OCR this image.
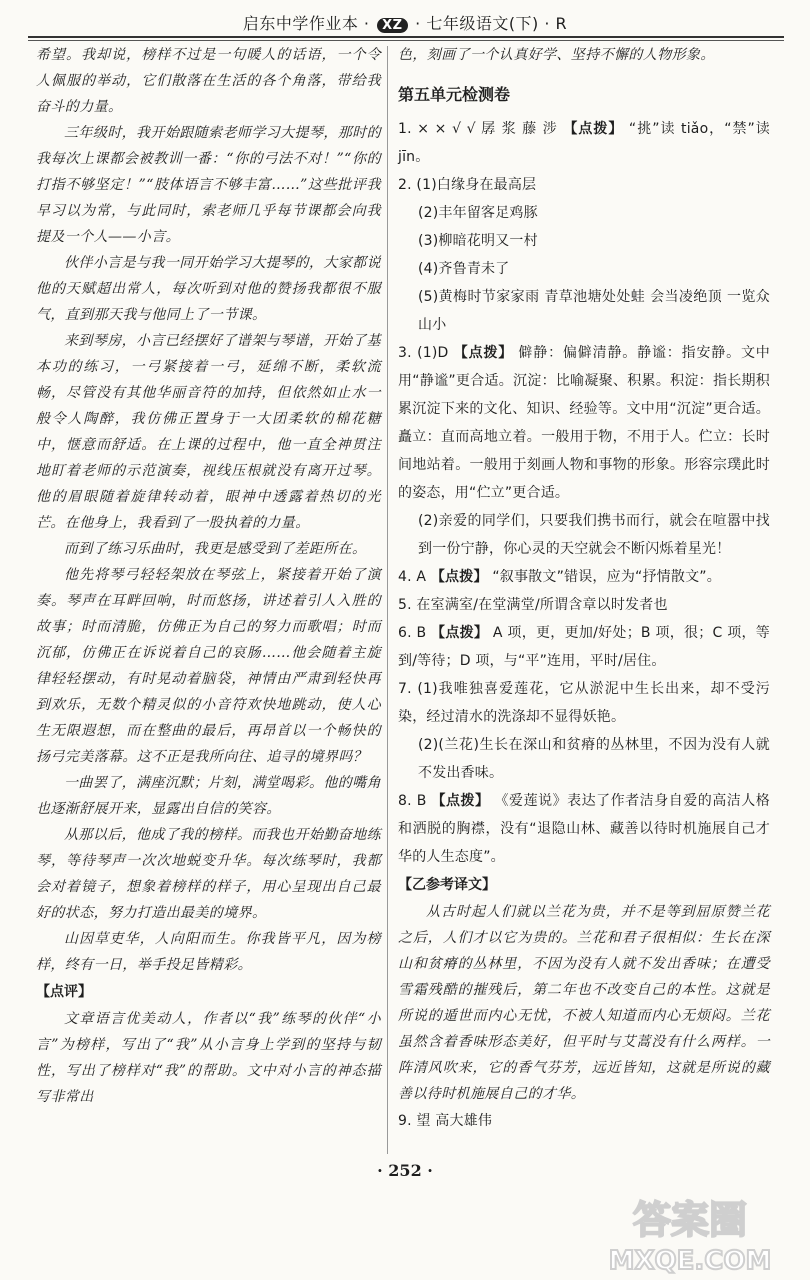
启东中学作业本 · XZ · 七年级语文(下) · R

希望。我却说，榜样不过是一句暖人的话语，一个令人佩服的举动，它们散落在生活的各个角落，带给我奋斗的力量。

三年级时，我开始跟随索老师学习大提琴，那时的我每次上课都会被教训一番：“你的弓法不对！”“你的打指不够坚定！”“肢体语言不够丰富……”这些批评我早习以为常，与此同时，索老师几乎每节课都会向我提及一个人——小言。

伙伴小言是与我一同开始学习大提琴的，大家都说他的天赋超出常人，每次听到对他的赞扬我都很不服气，直到那天我与他同上了一节课。

来到琴房，小言已经摆好了谱架与琴谱，开始了基本功的练习，一弓紧接着一弓，延绵不断，柔软流畅，尽管没有其他华丽音符的加持，但依然如止水一般令人陶醉，我仿佛正置身于一大团柔软的棉花糖中，惬意而舒适。在上课的过程中，他一直全神贯注地盯着老师的示范演奏，视线压根就没有离开过琴。他的眉眼随着旋律转动着，眼神中透露着热切的光芒。在他身上，我看到了一股执着的力量。

而到了练习乐曲时，我更是感受到了差距所在。

他先将琴弓轻轻架放在琴弦上，紧接着开始了演奏。琴声在耳畔回响，时而悠扬，讲述着引人入胜的故事；时而清脆，仿佛正为自己的努力而歌唱；时而沉郁，仿佛正在诉说着自己的哀肠……他会随着主旋律轻轻摆动，有时晃动着脑袋，神情由严肃到轻快再到欢乐，无数个精灵似的小音符欢快地跳动，使人心生无限遐想，而在整曲的最后，再昂首以一个畅快的扬弓完美落幕。这不正是我所向往、追寻的境界吗？

一曲罢了，满座沉默；片刻，满堂喝彩。他的嘴角也逐渐舒展开来，显露出自信的笑容。

从那以后，他成了我的榜样。而我也开始勤奋地练琴，等待琴声一次次地蜕变升华。每次练琴时，我都会对着镜子，想象着榜样的样子，用心呈现出自己最好的状态，努力打造出最美的境界。

山因草吏华，人向阳而生。你我皆平凡，因为榜样，终有一日，举手投足皆精彩。

【点评】

文章语言优美动人，作者以“我”练琴的伙伴“小言”为榜样，写出了“我”从小言身上学到的坚持与韧性，写出了榜样对“我”的帮助。文中对小言的神态描写非常出

色，刻画了一个认真好学、坚持不懈的人物形象。

第五单元检测卷

1. × × √ √ 孱 浆 藤 涉 【点拨】 “挑”读 tiǎo，“禁”读 jīn。

2. (1)白缘身在最高层
(2)丰年留客足鸡豚
(3)柳暗花明又一村
(4)齐鲁青未了
(5)黄梅时节家家雨 青草池塘处处蛙 会当凌绝顶 一览众山小

3. (1)D 【点拨】 僻静：偏僻清静。静谧：指安静。文中用“静谧”更合适。沉淀：比喻凝聚、积累。积淀：指长期积累沉淀下来的文化、知识、经验等。文中用“沉淀”更合适。矗立：直而高地立着。一般用于物，不用于人。伫立：长时间地站着。一般用于刻画人物和事物的形象。形容宗璞此时的姿态，用“伫立”更合适。
(2)亲爱的同学们，只要我们携书而行，就会在喧嚣中找到一份宁静，你心灵的天空就会不断闪烁着星光！

4. A 【点拨】 “叙事散文”错误，应为“抒情散文”。

5. 在室满室/在堂满堂/所谓含章以时发者也

6. B 【点拨】 A 项，更，更加/好处；B 项，很；C 项，等到/等待；D 项，与“平”连用，平时/居住。

7. (1)我唯独喜爱莲花，它从淤泥中生长出来，却不受污染，经过清水的洗涤却不显得妖艳。
(2)(兰花)生长在深山和贫瘠的丛林里，不因为没有人就不发出香味。

8. B 【点拨】 《爱莲说》表达了作者洁身自爱的高洁人格和洒脱的胸襟，没有“退隐山林、藏善以待时机施展自己才华的人生态度”。

【乙参考译文】

从古时起人们就以兰花为贵，并不是等到屈原赞兰花之后，人们才以它为贵的。兰花和君子很相似：生长在深山和贫瘠的丛林里，不因为没有人就不发出香味；在遭受雪霜残酷的摧残后，第二年也不改变自己的本性。这就是所说的遁世而内心无忧，不被人知道而内心无烦闷。兰花虽然含着香味形态美好，但平时与艾蒿没有什么两样。一阵清风吹来，它的香气芬芳，远近皆知，这就是所说的藏善以待时机施展自己的才华。

9. 望 高大雄伟

· 252 ·
答案圈
MXQE.COM
